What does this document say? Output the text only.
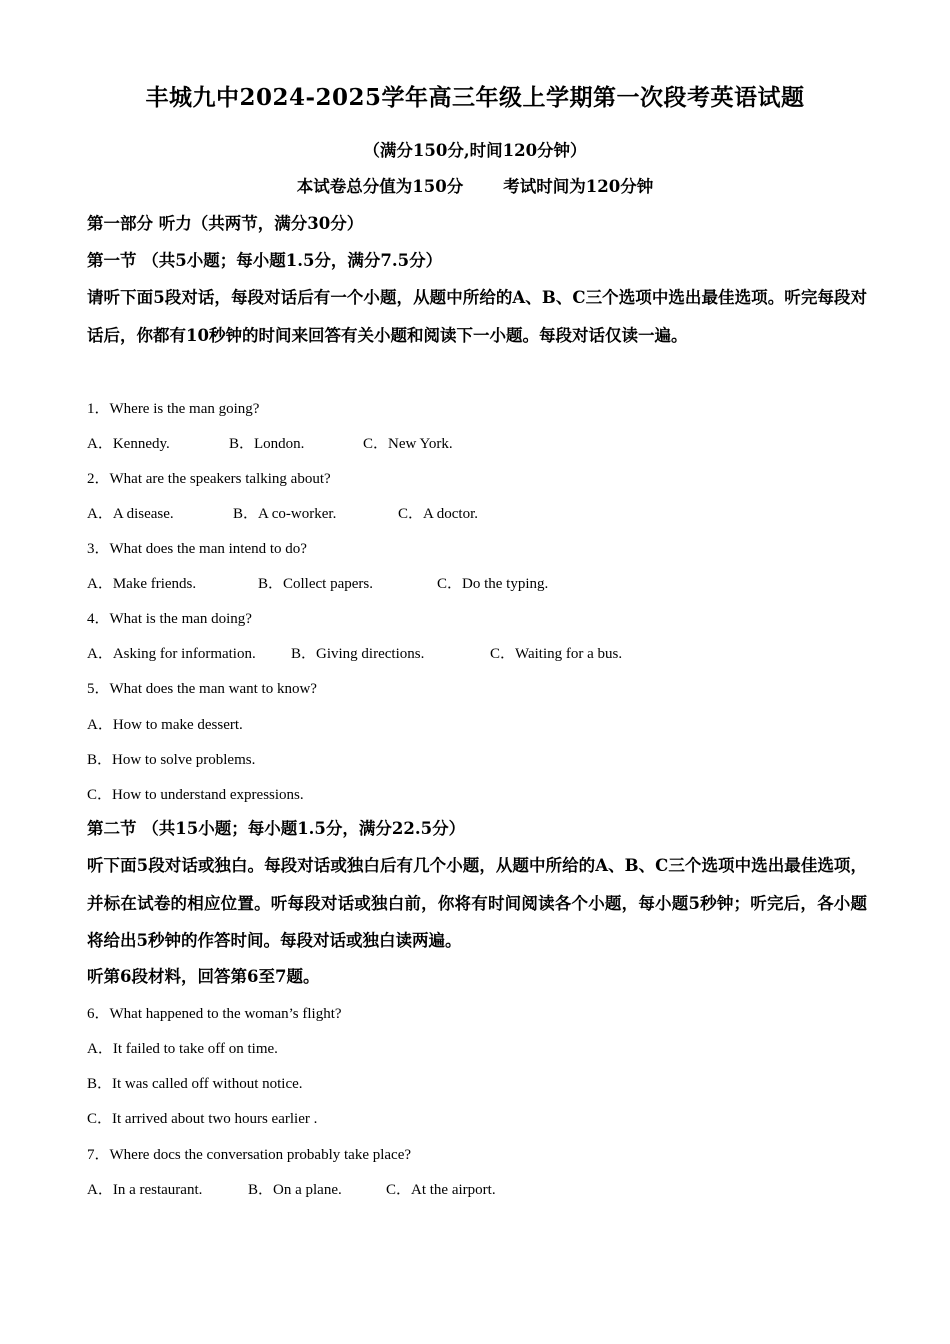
丰城九中2024-2025学年高三年级上学期第一次段考英语试题
（满分150分,时间120分钟）
本试卷总分值为150分 考试时间为120分钟
第一部分 听力（共两节，满分30分）
第一节 （共5小题；每小题1.5分，满分7.5分）
请听下面5段对话，每段对话后有一个小题，从题中所给的A、B、C三个选项中选出最佳选项。听完每段对话后，你都有10秒钟的时间来回答有关小题和阅读下一小题。每段对话仅读一遍。
1．Where is the man going?
A．Kennedy.	B．London.	C．New York.
2．What are the speakers talking about?
A．A disease.	B．A co-worker.	C．A doctor.
3．What does the man intend to do?
A．Make friends.	B．Collect papers.	C．Do the typing.
4．What is the man doing?
A．Asking for information. B．Giving directions.	C．Waiting for a bus.
5．What does the man want to know?
A．How to make dessert.
B．How to solve problems.
C．How to understand expressions.
第二节 （共15小题；每小题1.5分，满分22.5分）
听下面5段对话或独白。每段对话或独白后有几个小题，从题中所给的A、B、C三个选项中选出最佳选项，并标在试卷的相应位置。听每段对话或独白前，你将有时间阅读各个小题，每小题5秒钟；听完后，各小题将给出5秒钟的作答时间。每段对话或独白读两遍。
听第6段材料，回答第6至7题。
6．What happened to the woman’s flight?
A．It failed to take off on time.
B．It was called off without notice.
C．It arrived about two hours earlier .
7．Where docs the conversation probably take place?
A．In a restaurant.	B．On a plane.	C．At the airport.
